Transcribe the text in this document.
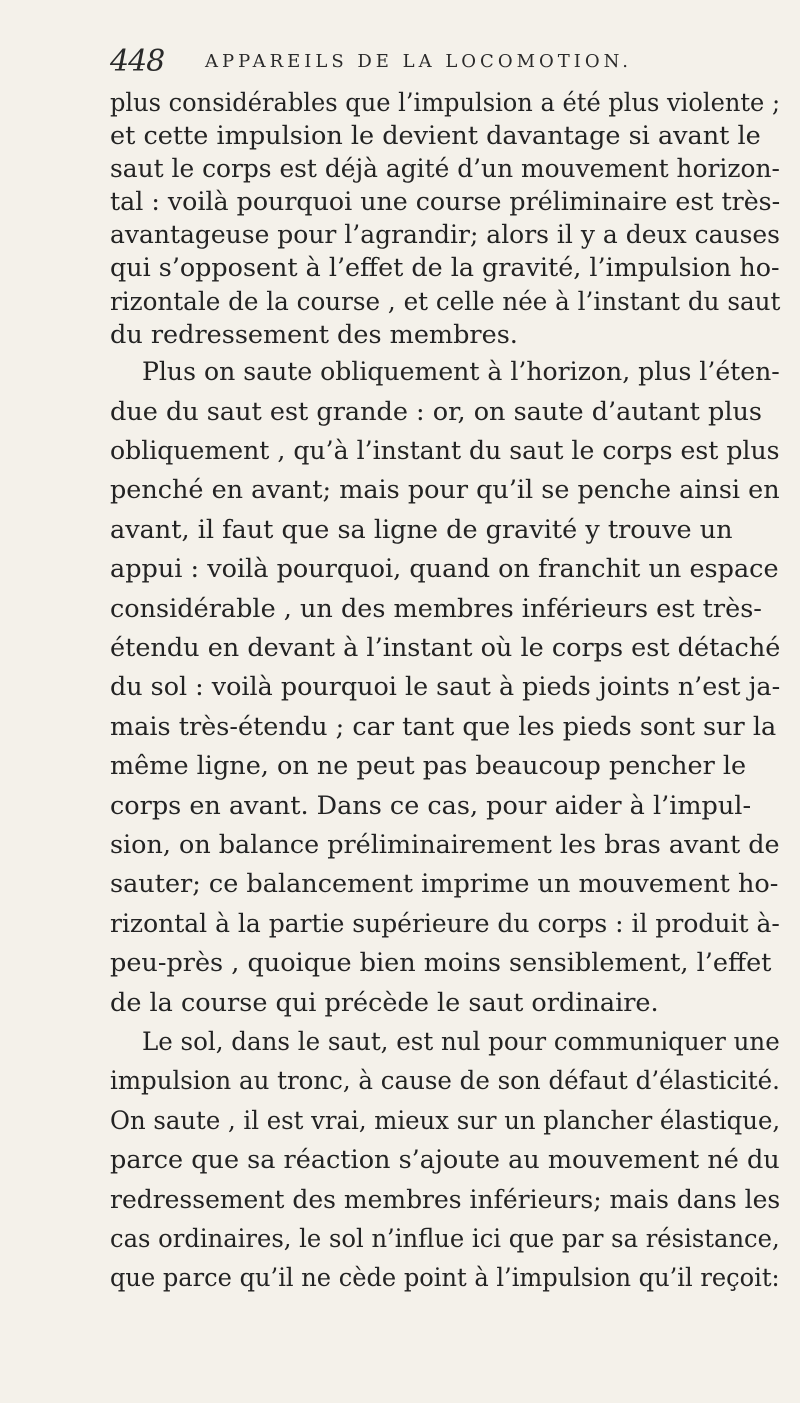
448 APPAREILS DE LA LOCOMOTION.
plus considérables que l’impulsion a été plus violente ;
et cette impulsion le devient davantage si avant le
saut le corps est déjà agité d’un mouvement horizon-
tal : voilà pourquoi une course préliminaire est très-
avantageuse pour l’agrandir; alors il y a deux causes
qui s’opposent à l’effet de la gravité, l’impulsion ho-
rizontale de la course , et celle née à l’instant du saut
du redressement des membres.
Plus on saute obliquement à l’horizon, plus l’éten-
due du saut est grande : or, on saute d’autant plus
obliquement , qu’à l’instant du saut le corps est plus
penché en avant; mais pour qu’il se penche ainsi en
avant, il faut que sa ligne de gravité y trouve un
appui : voilà pourquoi, quand on franchit un espace
considérable , un des membres inférieurs est très-
étendu en devant à l’instant où le corps est détaché
du sol : voilà pourquoi le saut à pieds joints n’est ja-
mais très-étendu ; car tant que les pieds sont sur la
même ligne, on ne peut pas beaucoup pencher le
corps en avant. Dans ce cas, pour aider à l’impul-
sion, on balance préliminairement les bras avant de
sauter; ce balancement imprime un mouvement ho-
rizontal à la partie supérieure du corps : il produit à-
peu-près , quoique bien moins sensiblement, l’effet
de la course qui précède le saut ordinaire.
Le sol, dans le saut, est nul pour communiquer une
impulsion au tronc, à cause de son défaut d’élasticité.
On saute , il est vrai, mieux sur un plancher élastique,
parce que sa réaction s’ajoute au mouvement né du
redressement des membres inférieurs; mais dans les
cas ordinaires, le sol n’influe ici que par sa résistance,
que parce qu’il ne cède point à l’impulsion qu’il reçoit:
